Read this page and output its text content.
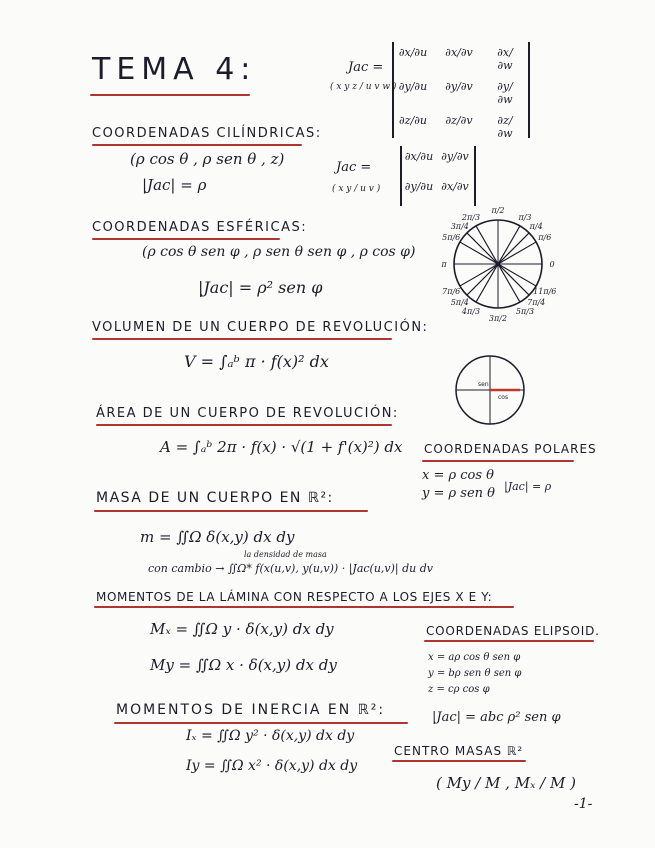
TEMA 4:	Jac =
( x y z / u v w )
∂x/∂u ∂x/∂v	∂x/∂w
∂y/∂u ∂y/∂v	∂y/∂w
∂z/∂u ∂z/∂v	∂z/∂w
COORDENADAS CILÍNDRICAS:
(ρ cos θ , ρ sen θ , z)
|Jac| = ρ
Jac =
( x y / u v )
∂x/∂u ∂y/∂v
∂y/∂u ∂x/∂v
COORDENADAS ESFÉRICAS:
(ρ cos θ sen φ , ρ sen θ sen φ , ρ cos φ)
|Jac| = ρ² sen φ
π/2
2π/3
3π/4
5π/6
π
7π/6
5π/4
4π/3
3π/2
5π/3
7π/4
11π/6
0
π/6
π/4
π/3
VOLUMEN DE UN CUERPO DE REVOLUCIÓN:
V = ∫ₐᵇ π · f(x)² dx
sen
cos
ÁREA DE UN CUERPO DE REVOLUCIÓN:
A = ∫ₐᵇ 2π · f(x) · √(1 + f'(x)²) dx COORDENADAS POLARES
x = ρ cos θ
y = ρ sen θ |Jac| = ρ
MASA DE UN CUERPO EN ℝ²:
m = ∬Ω δ(x,y) dx dy
la densidad de masa
con cambio → ∬Ω* f(x(u,v), y(u,v)) · |Jac(u,v)| du dv
MOMENTOS DE LA LÁMINA CON RESPECTO A LOS EJES X E Y:
Mₓ = ∬Ω y · δ(x,y) dx dy
My = ∬Ω x · δ(x,y) dx dy
COORDENADAS ELIPSOID.
x = aρ cos θ sen φ
y = bρ sen θ sen φ
z = cρ cos φ
|Jac| = abc ρ² sen φ
MOMENTOS DE INERCIA EN ℝ²:
Iₓ = ∬Ω y² · δ(x,y) dx dy
Iy = ∬Ω x² · δ(x,y) dx dy
CENTRO MASAS ℝ²
( My / M , Mₓ / M )
-1-
